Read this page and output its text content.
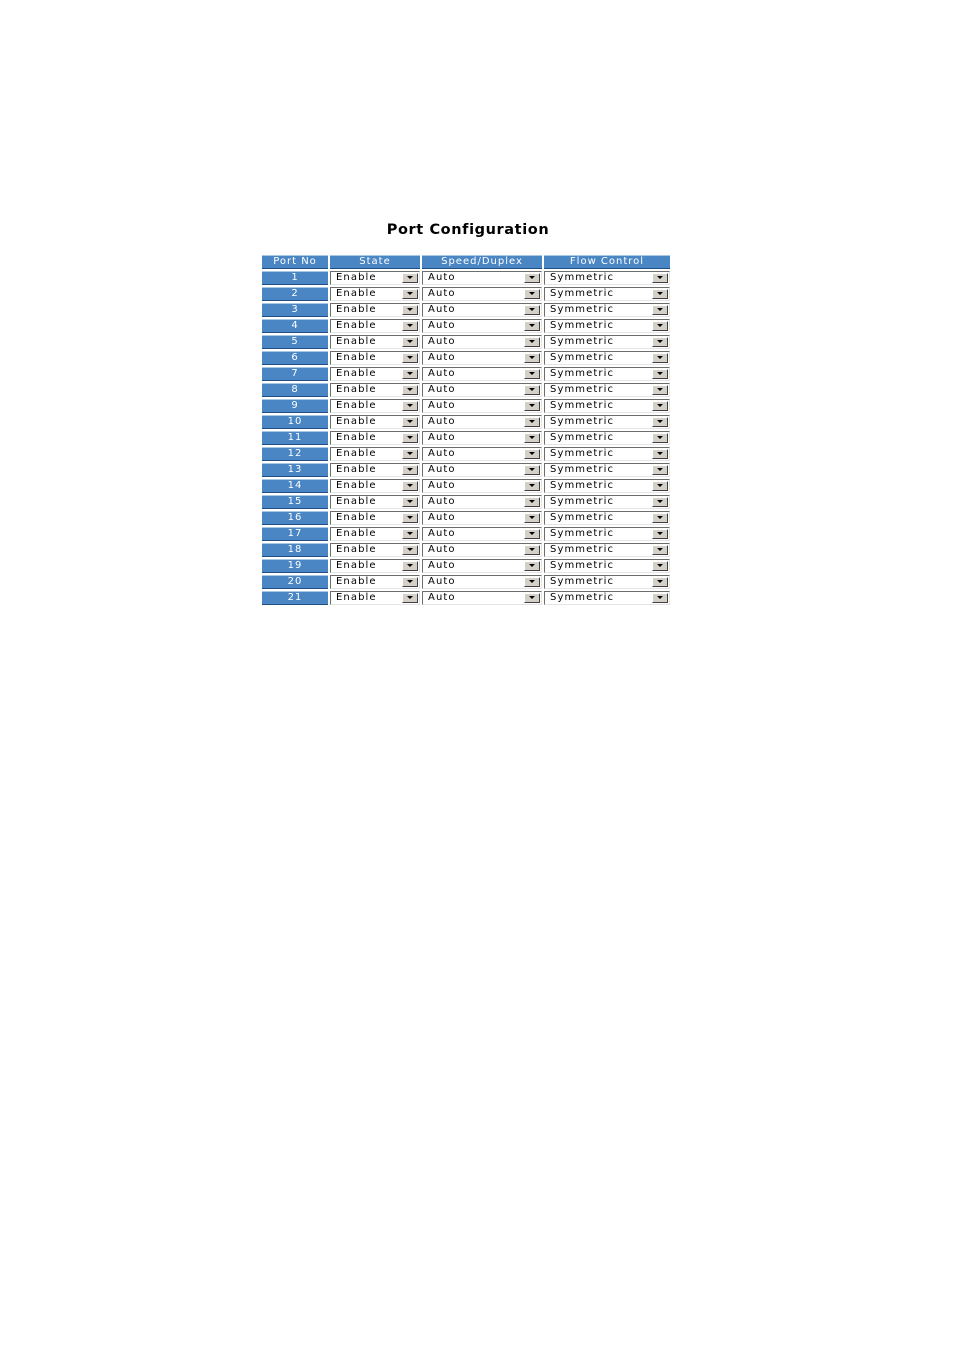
Port Configuration
Port No	State	Speed/Duplex	Flow Control
1	Enable	Auto	Symmetric

2	Enable	Auto	Symmetric

3	Enable	Auto	Symmetric

4	Enable	Auto	Symmetric

5	Enable	Auto	Symmetric

6	Enable	Auto	Symmetric

7	Enable	Auto	Symmetric

8	Enable	Auto	Symmetric

9	Enable	Auto	Symmetric

10	Enable	Auto	Symmetric

11	Enable	Auto	Symmetric

12	Enable	Auto	Symmetric

13	Enable	Auto	Symmetric

14	Enable	Auto	Symmetric

15	Enable	Auto	Symmetric

16	Enable	Auto	Symmetric

17	Enable	Auto	Symmetric

18	Enable	Auto	Symmetric

19	Enable	Auto	Symmetric

20	Enable	Auto	Symmetric

21	Enable	Auto	Symmetric
